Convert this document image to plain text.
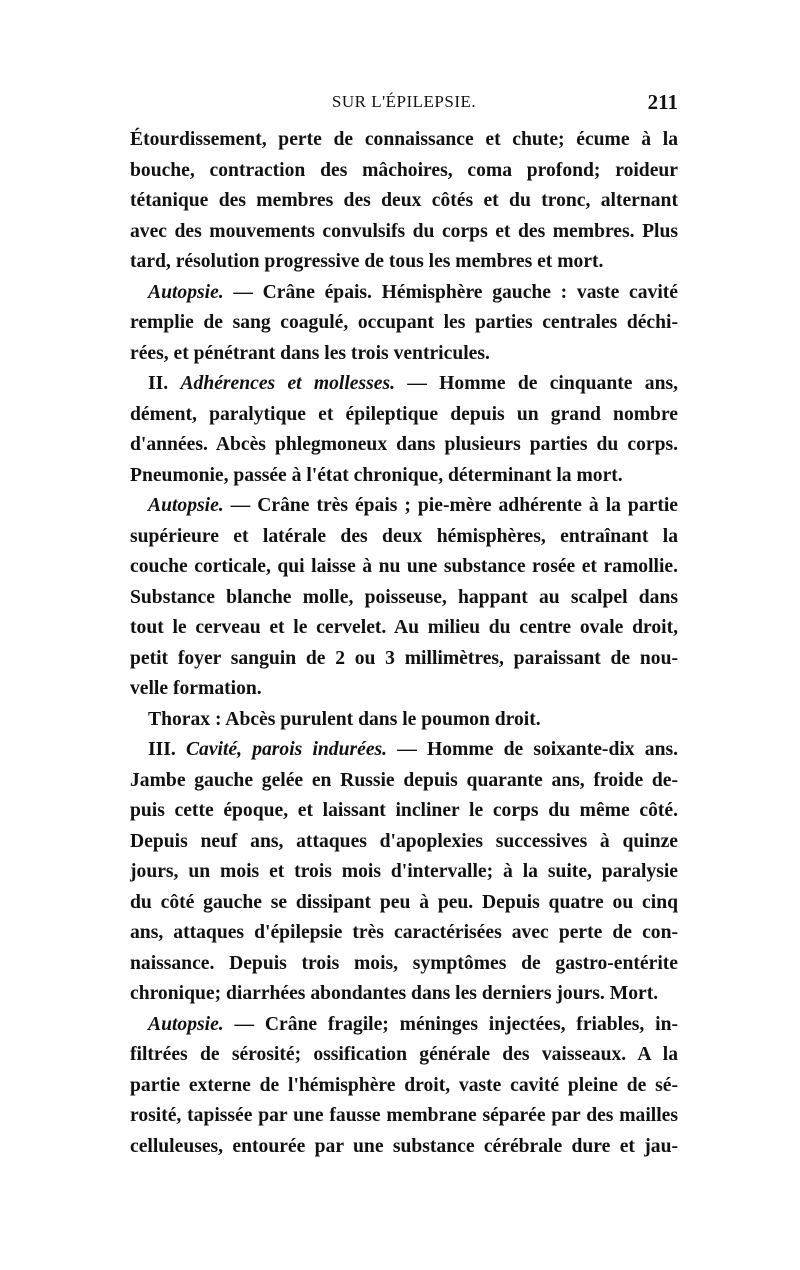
SUR L'ÉPILEPSIE.	211
Étourdissement, perte de connaissance et chute; écume à la
bouche, contraction des mâchoires, coma profond; roideur
tétanique des membres des deux côtés et du tronc, alternant
avec des mouvements convulsifs du corps et des membres. Plus
tard, résolution progressive de tous les membres et mort.
Autopsie. — Crâne épais. Hémisphère gauche : vaste cavité
remplie de sang coagulé, occupant les parties centrales déchi-
rées, et pénétrant dans les trois ventricules.
II. Adhérences et mollesses. — Homme de cinquante ans,
dément, paralytique et épileptique depuis un grand nombre
d'années. Abcès phlegmoneux dans plusieurs parties du corps.
Pneumonie, passée à l'état chronique, déterminant la mort.
Autopsie. — Crâne très épais ; pie-mère adhérente à la partie
supérieure et latérale des deux hémisphères, entraînant la
couche corticale, qui laisse à nu une substance rosée et ramollie.
Substance blanche molle, poisseuse, happant au scalpel dans
tout le cerveau et le cervelet. Au milieu du centre ovale droit,
petit foyer sanguin de 2 ou 3 millimètres, paraissant de nou-
velle formation.
Thorax : Abcès purulent dans le poumon droit.
III. Cavité, parois indurées. — Homme de soixante-dix ans.
Jambe gauche gelée en Russie depuis quarante ans, froide de-
puis cette époque, et laissant incliner le corps du même côté.
Depuis neuf ans, attaques d'apoplexies successives à quinze
jours, un mois et trois mois d'intervalle; à la suite, paralysie
du côté gauche se dissipant peu à peu. Depuis quatre ou cinq
ans, attaques d'épilepsie très caractérisées avec perte de con-
naissance. Depuis trois mois, symptômes de gastro-entérite
chronique; diarrhées abondantes dans les derniers jours. Mort.
Autopsie. — Crâne fragile; méninges injectées, friables, in-
filtrées de sérosité; ossification générale des vaisseaux. A la
partie externe de l'hémisphère droit, vaste cavité pleine de sé-
rosité, tapissée par une fausse membrane séparée par des mailles
celluleuses, entourée par une substance cérébrale dure et jau-
